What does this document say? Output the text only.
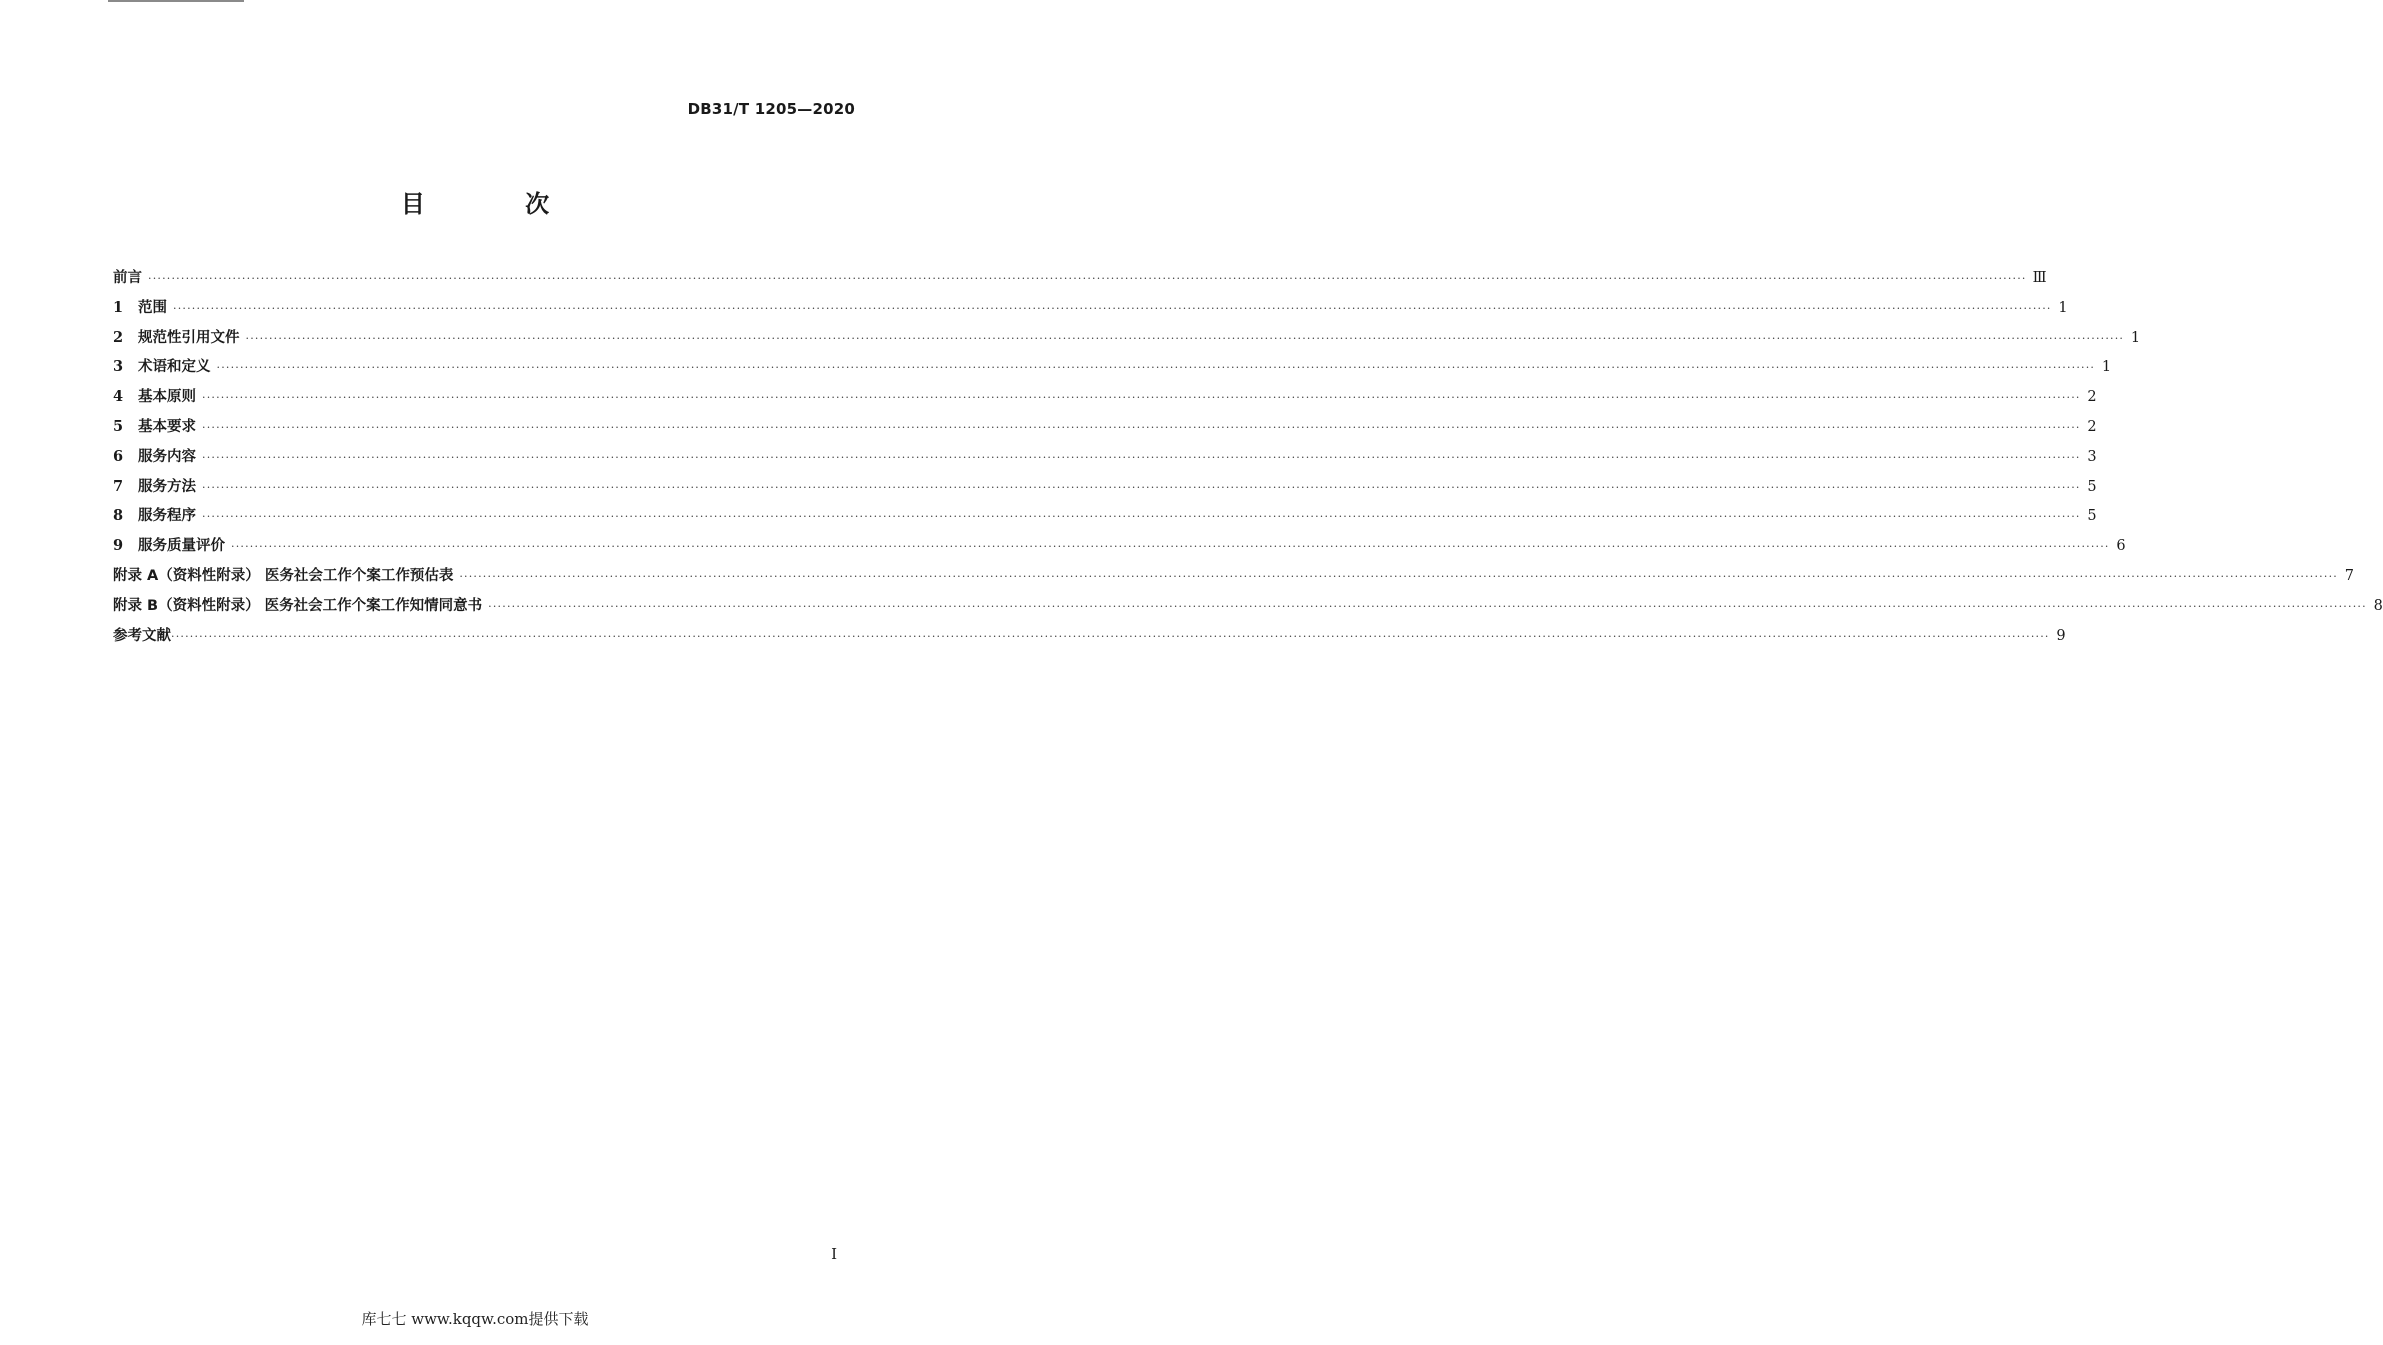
DB31/T 1205—2020
目 次
前言 ················································································································································································································································································································································································································ Ⅲ
1	范围 ················································································································································································································································································································································································································ 1
2	规范性引用文件 ················································································································································································································································································································································································································ 1
3	术语和定义 ················································································································································································································································································································································································································ 1
4	基本原则 ················································································································································································································································································································································································································ 2
5	基本要求 ················································································································································································································································································································································································································ 2
6	服务内容 ················································································································································································································································································································································································································ 3
7	服务方法 ················································································································································································································································································································································································································ 5
8	服务程序 ················································································································································································································································································································································································································ 5
9	服务质量评价 ················································································································································································································································································································································································································ 6
附录 A（资料性附录） 医务社会工作个案工作预估表 ················································································································································································································································································································································································································ 7
附录 B（资料性附录） 医务社会工作个案工作知情同意书 ················································································································································································································································································································································································································ 8
参考文献 ················································································································································································································································································································································································································ 9
I
库七七 www.kqqw.com提供下载
